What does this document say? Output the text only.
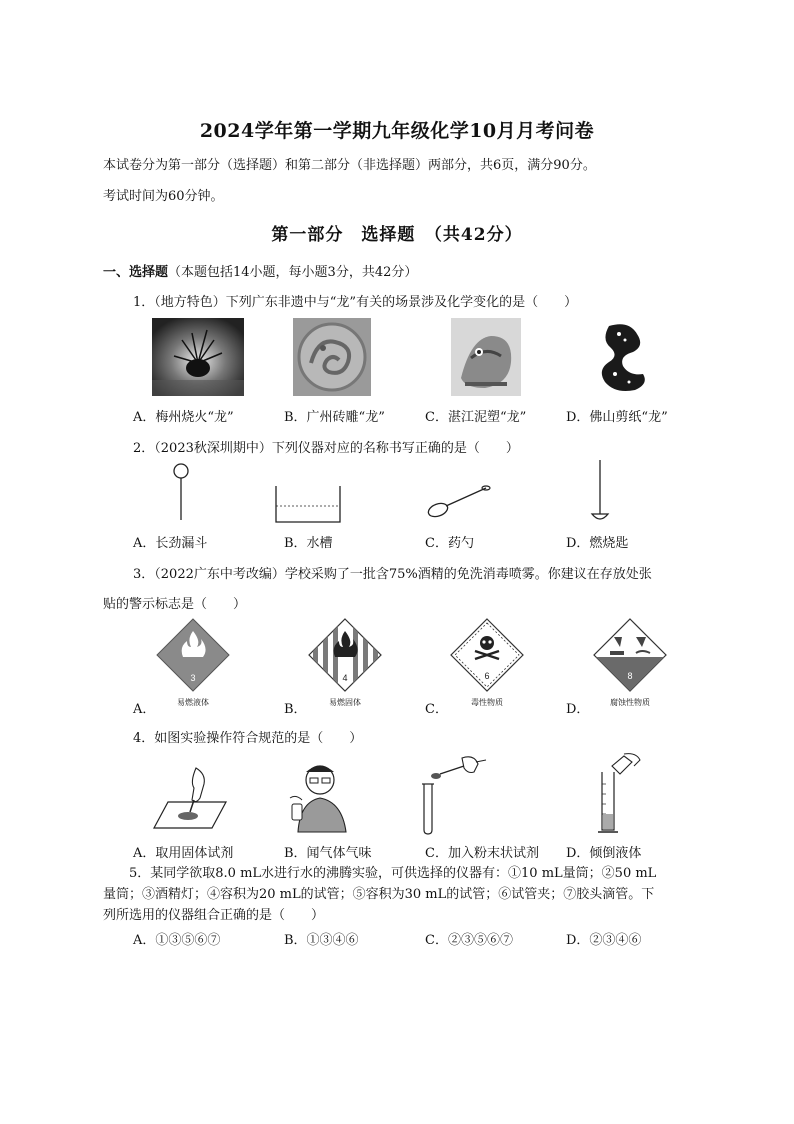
2024学年第一学期九年级化学10月月考问卷
本试卷分为第一部分（选择题）和第二部分（非选择题）两部分，共6页，满分90分。
考试时间为60分钟。
第一部分　选择题　（共42分）
一、选择题（本题包括14小题，每小题3分，共42分）
1．（地方特色）下列广东非遗中与“龙”有关的场景涉及化学变化的是（　　）
A．梅州烧火“龙”	B．广州砖雕“龙”	C．湛江泥塑“龙”	D．佛山剪纸“龙”
2．（2023秋深圳期中）下列仪器对应的名称书写正确的是（　　）
A．长劲漏斗	B．水槽	C．药勺	D．燃烧匙
3．（2022广东中考改编）学校采购了一批含75%酒精的免洗消毒喷雾。你建议在存放处张
贴的警示标志是（　　）
3	4	6	8
A．	易燃液体	B．	易燃固体	C．	毒性物质	D．	腐蚀性物质
4．如图实验操作符合规范的是（　　）
A．取用固体试剂	B．闻气体气味	C．加入粉末状试剂 D．倾倒液体
　　5．某同学欲取8.0 mL水进行水的沸腾实验，可供选择的仪器有：①10 mL量筒；②50 mL
量筒；③酒精灯；④容积为20 mL的试管；⑤容积为30 mL的试管；⑥试管夹；⑦胶头滴管。下
列所选用的仪器组合正确的是（　　）
A．①③⑤⑥⑦	B．①③④⑥	C．②③⑤⑥⑦	D．②③④⑥
